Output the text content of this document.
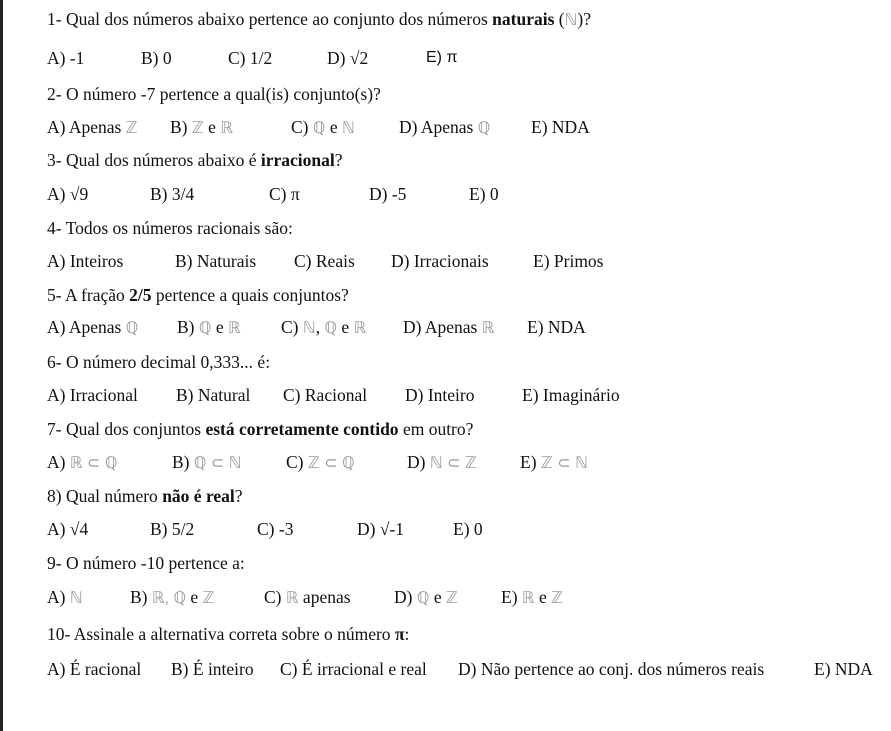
1- Qual dos números abaixo pertence ao conjunto dos números naturais (ℕ)?
A) -1	B) 0	C) 1/2	D) √2	E) π
2- O número -7 pertence a qual(is) conjunto(s)?
A) Apenas ℤ B) ℤ e ℝ	C) ℚ e ℕ	D) Apenas ℚ E) NDA
3- Qual dos números abaixo é irracional?
A) √9	B) 3/4	C) π	D) -5	E) 0
4- Todos os números racionais são:
A) Inteiros	B) Naturais C) Reais D) Irracionais	E) Primos
5- A fração 2/5 pertence a quais conjuntos?
A) Apenas ℚ B) ℚ e ℝ C) ℕ, ℚ e ℝ D) Apenas ℝ E) NDA
6- O número decimal 0,333... é:
A) Irracional B) Natural C) Racional D) Inteiro	E) Imaginário
7- Qual dos conjuntos está corretamente contido em outro?
A) ℝ ⊂ ℚ	B) ℚ ⊂ ℕ	C) ℤ ⊂ ℚ	D) ℕ ⊂ ℤ E) ℤ ⊂ ℕ
8) Qual número não é real?
A) √4	B) 5/2	C) -3	D) √-1	E) 0
9- O número -10 pertence a:
A) ℕ	B) ℝ, ℚ e ℤ	C) ℝ apenas D) ℚ e ℤ E) ℝ e ℤ
10- Assinale a alternativa correta sobre o número π:
A) É racional B) É inteiro C) É irracional e real D) Não pertence ao conj. dos números reais	E) NDA
